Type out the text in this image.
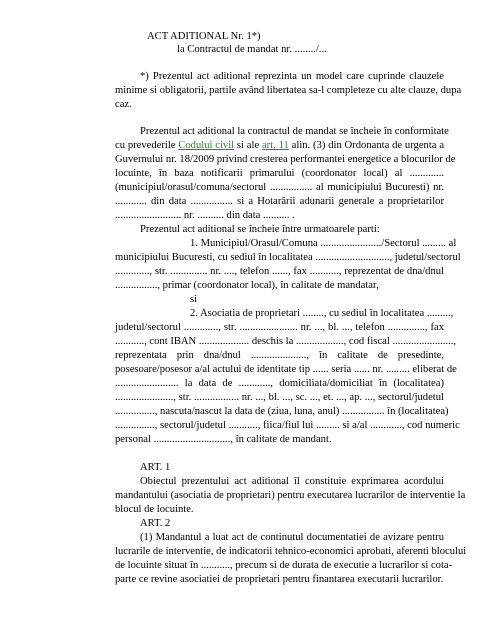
ACT ADITIONAL Nr. 1*)

la Contractul de mandat nr. ......../...

*) Prezentul act aditional reprezinta un model care cuprinde clauzele

minime si obligatorii, partile având libertatea sa-l completeze cu alte clauze, dupa

caz.

Prezentul act aditional la contractul de mandat se încheie în conformitate

cu prevederile Codului civil si ale art. 11 alin. (3) din Ordonanta de urgenta a

Guvernului nr. 18/2009 privind cresterea performantei energetice a blocurilor de

locuinte, în baza notificarii primarului (coordonator local) al .............

(municipiul/orasul/comuna/sectorul ................ al municipiului Bucuresti) nr.

............ din data ................ si a Hotarârii adunarii generale a proprietarilor

......................... nr. .......... din data .......... .

Prezentul act aditional se încheie între urmatoarele parti:

1. Municipiul/Orasul/Comuna ......................./Sectorul ......... al

municipiului Bucuresti, cu sediul în localitatea ............................, judetul/sectorul

............., str. .............. nr. ...., telefon ......, fax ..........., reprezentat de dna/dnul

................, primar (coordonator local), în calitate de mandatar,

si

2. Asociatia de proprietari ........, cu sediul în localitatea .........,

judetul/sectorul ............., str. ...................... nr. ..., bl. ..., telefon .............., fax

..........., cont IBAN ................... deschis la .................., cod fiscal .......................,

reprezentata prin dna/dnul ....................., în calitate de presedinte,

posesoare/posesor a/al actului de identitate tip ...... seria ...... nr. ......... eliberat de

........................ la data de ............, domiciliata/domiciliat în (localitatea)

......................, str. ................. nr. ..., bl. ..., sc. ..., et. ..., ap. ..., sectorul/judetul

..............., nascuta/nascut la data de (ziua, luna, anul) ................ în (localitatea)

..............., sectorul/judetul ..........., fiica/fiul lui ......... si a/al ............, cod numeric

personal ............................., în calitate de mandant.

ART. 1

Obiectul prezentului act aditional îl constituie exprimarea acordului

mandantului (asociatia de proprietari) pentru executarea lucrarilor de interventie la

blocul de locuinte.

ART. 2

(1) Mandantul a luat act de continutul documentatiei de avizare pentru

lucrarile de interventie, de indicatorii tehnico-economici aprobati, aferenti blocului

de locuinte situat în ..........., precum si de durata de executie a lucrarilor si cota-

parte ce revine asociatiei de proprietari pentru finantarea executarii lucrarilor.
